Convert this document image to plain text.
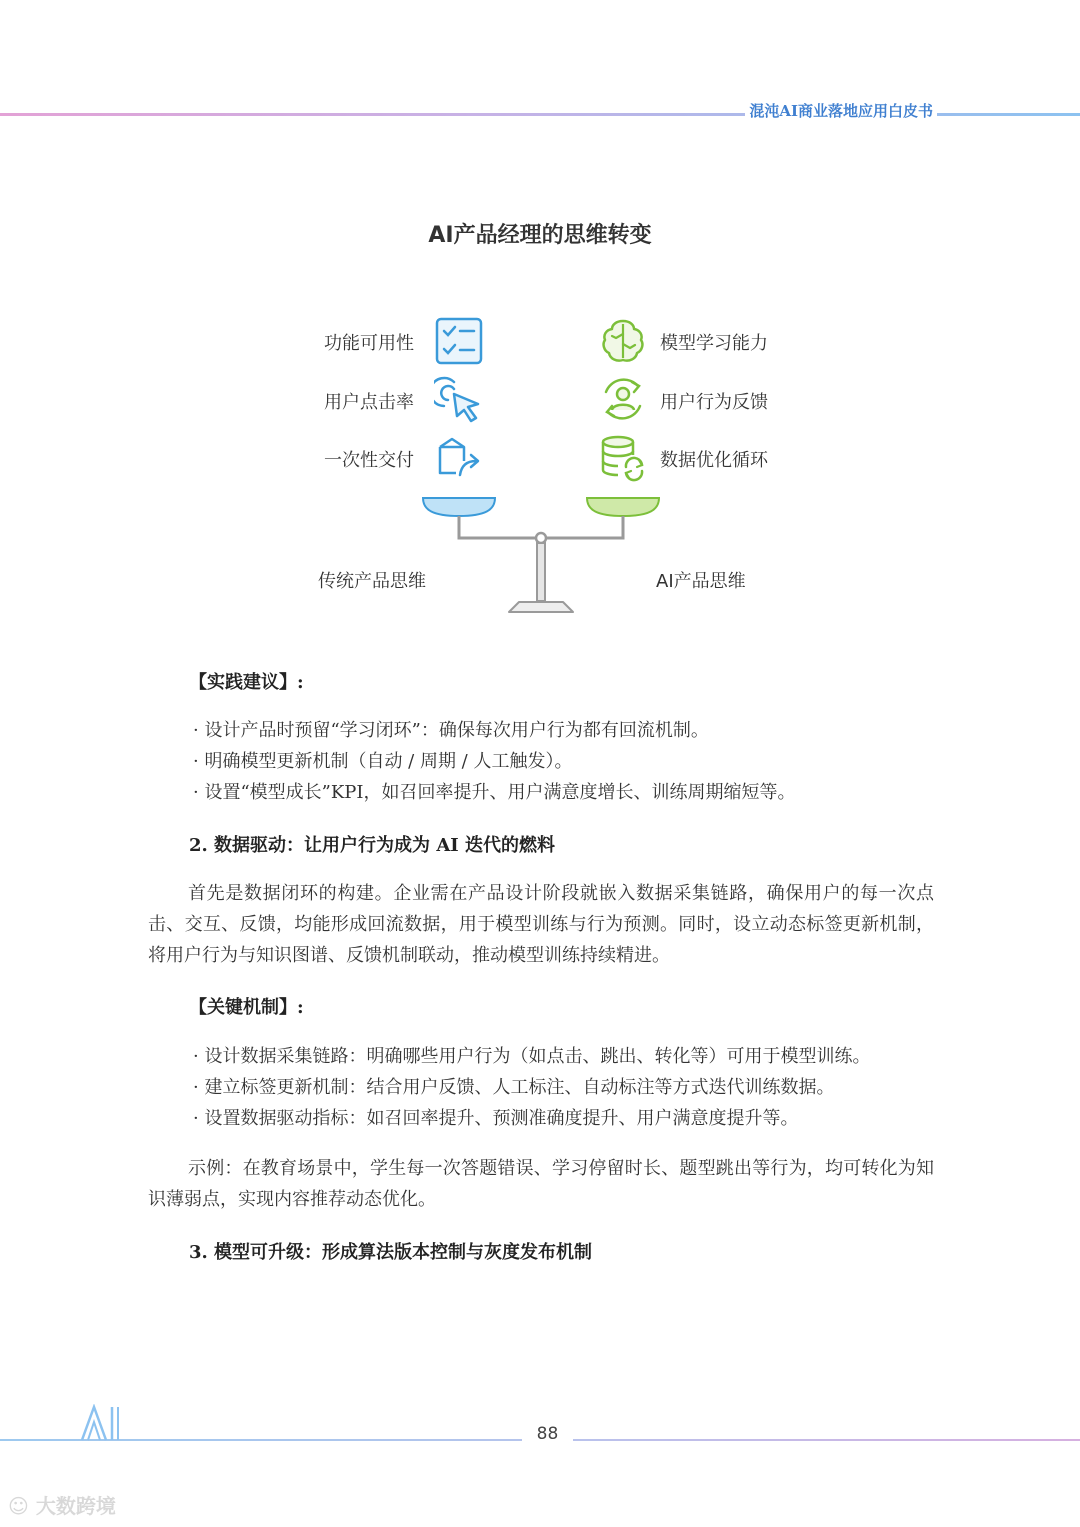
混沌AI商业落地应用白皮书
AI产品经理的思维转变
功能可用性
用户点击率
一次性交付
模型学习能力
用户行为反馈
数据优化循环
传统产品思维	AI产品思维
【实践建议】:
· 设计产品时预留“学习闭环”：确保每次用户行为都有回流机制。
· 明确模型更新机制（自动 / 周期 / 人工触发）。
· 设置“模型成长”KPI，如召回率提升、用户满意度增长、训练周期缩短等。
2. 数据驱动：让用户行为成为 AI 迭代的燃料
首先是数据闭环的构建。企业需在产品设计阶段就嵌入数据采集链路，确保用户的每一次点击、交互、反馈，均能形成回流数据，用于模型训练与行为预测。同时，设立动态标签更新机制，将用户行为与知识图谱、反馈机制联动，推动模型训练持续精进。
【关键机制】:
· 设计数据采集链路：明确哪些用户行为（如点击、跳出、转化等）可用于模型训练。
· 建立标签更新机制：结合用户反馈、人工标注、自动标注等方式迭代训练数据。
· 设置数据驱动指标：如召回率提升、预测准确度提升、用户满意度提升等。
示例：在教育场景中，学生每一次答题错误、学习停留时长、题型跳出等行为，均可转化为知识薄弱点，实现内容推荐动态优化。
3. 模型可升级：形成算法版本控制与灰度发布机制
88
☺ 大数跨境
